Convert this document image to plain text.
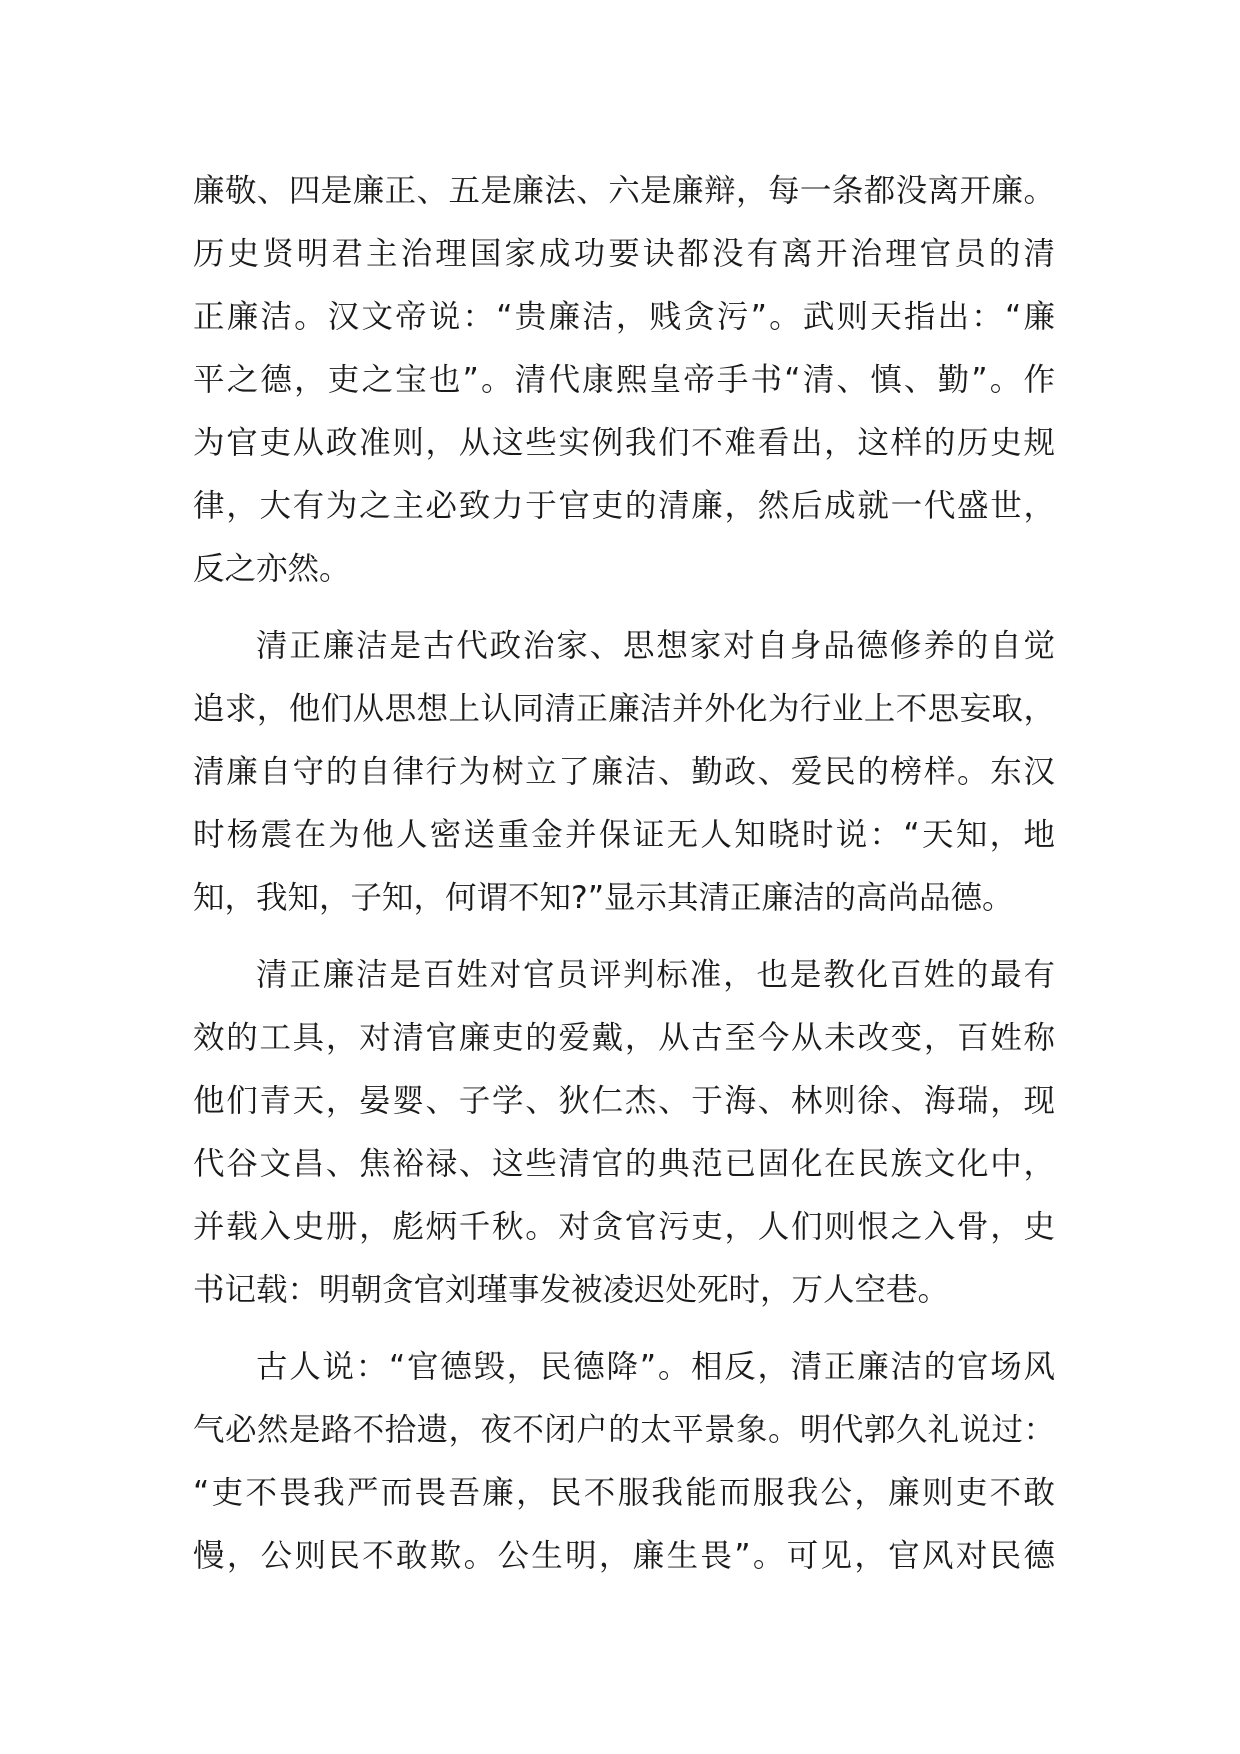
廉敬、四是廉正、五是廉法、六是廉辩，每一条都没离开廉。
历史贤明君主治理国家成功要诀都没有离开治理官员的清
正廉洁。汉文帝说：“贵廉洁，贱贪污”。武则天指出：“廉
平之德，吏之宝也”。清代康熙皇帝手书“清、慎、勤”。作
为官吏从政准则，从这些实例我们不难看出，这样的历史规
律，大有为之主必致力于官吏的清廉，然后成就一代盛世，
反之亦然。
清正廉洁是古代政治家、思想家对自身品德修养的自觉
追求，他们从思想上认同清正廉洁并外化为行业上不思妄取，
清廉自守的自律行为树立了廉洁、勤政、爱民的榜样。东汉
时杨震在为他人密送重金并保证无人知晓时说：“天知，地
知，我知，子知，何谓不知?”显示其清正廉洁的高尚品德。
清正廉洁是百姓对官员评判标准，也是教化百姓的最有
效的工具，对清官廉吏的爱戴，从古至今从未改变，百姓称
他们青天，晏婴、子学、狄仁杰、于海、林则徐、海瑞，现
代谷文昌、焦裕禄、这些清官的典范已固化在民族文化中，
并载入史册，彪炳千秋。对贪官污吏，人们则恨之入骨，史
书记载：明朝贪官刘瑾事发被凌迟处死时，万人空巷。
古人说：“官德毁，民德降”。相反，清正廉洁的官场风
气必然是路不拾遗，夜不闭户的太平景象。明代郭久礼说过：
“吏不畏我严而畏吾廉，民不服我能而服我公，廉则吏不敢
慢，公则民不敢欺。公生明，廉生畏”。可见，官风对民德
